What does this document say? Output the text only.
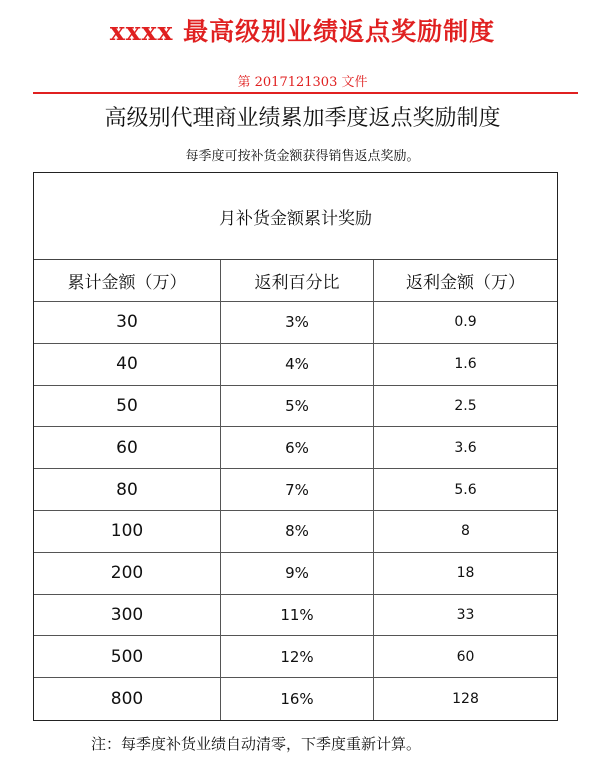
xxxx 最高级别业绩返点奖励制度
第 2017121303 文件
高级别代理商业绩累加季度返点奖励制度
每季度可按补货金额获得销售返点奖励。
月补货金额累计奖励
累计金额（万）	返利百分比	返利金额（万）
30	3%	0.9
40	4%	1.6
50	5%	2.5
60	6%	3.6
80	7%	5.6
100	8%	8
200	9%	18
300	11%	33
500	12%	60
800	16%	128
注：每季度补货业绩自动清零，下季度重新计算。
